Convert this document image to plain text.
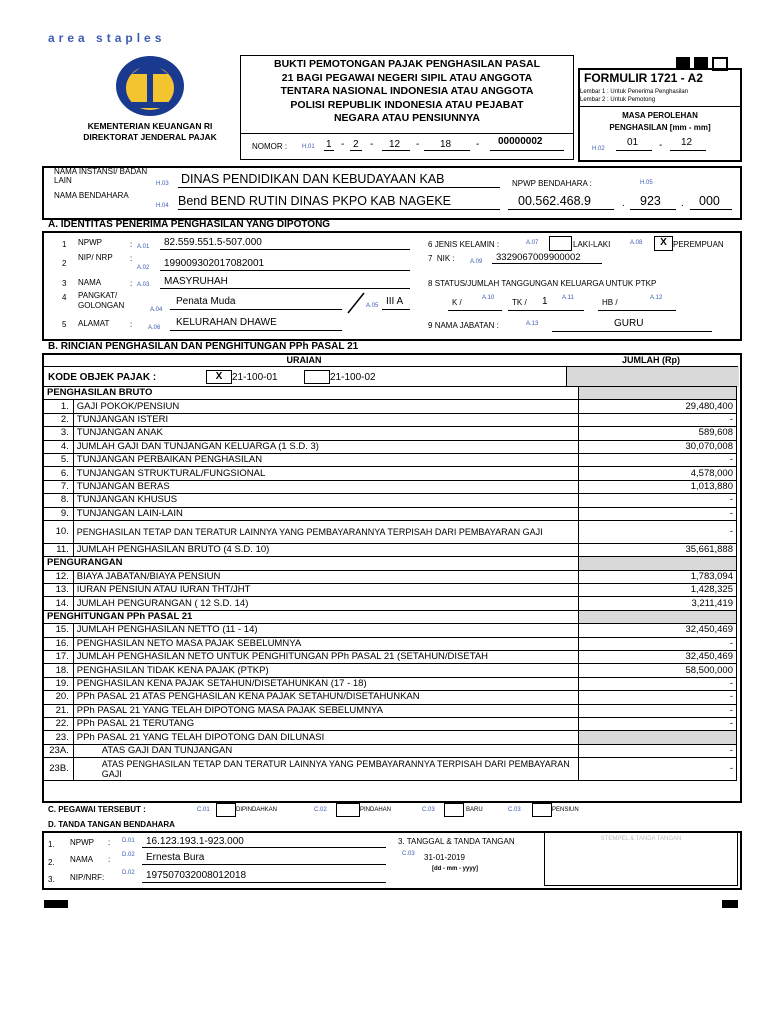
area staples
KEMENTERIAN KEUANGAN RI
DIREKTORAT JENDERAL PAJAK
BUKTI PEMOTONGAN PAJAK PENGHASILAN PASAL
21 BAGI PEGAWAI NEGERI SIPIL ATAU ANGGOTA
TENTARA NASIONAL INDONESIA ATAU ANGGOTA
POLISI REPUBLIK INDONESIA ATAU PEJABAT
NEGARA ATAU PENSIUNNYA
NOMOR : H.01 1 - 2 - 12 - 18 - 00000002
FORMULIR 1721 - A2
Lembar 1 : Untuk Penerima Penghasilan
Lembar 2 : Untuk Pemotong
MASA PEROLEHAN
PENGHASILAN [mm - mm]
H.02
01 - 12
NAMA INSTANSI/ BADAN LAIN	H.03 DINAS PENDIDIKAN DAN KEBUDAYAAN KAB
NAMA BENDAHARA
H.04 Bend BEND RUTIN DINAS PKPO KAB NAGEKE
NPWP BENDAHARA :	H.05
00.562.468.9	. 923 . 000
A. IDENTITAS PENERIMA PENGHASILAN YANG DIPOTONG
1 NPWP	: A.01 82.559.551.5-507.000
2
NIP/ NRP	:
A.02 199009302017082001
3 NAMA	: A.03 MASYRUHAH
4 PANGKAT/ GOLONGAN	A.04
Penata Muda	A.05 III A
5 ALAMAT	:	A.06 KELURAHAN DHAWE
6 JENIS KELAMIN :	A.07	LAKI-LAKI	A.08	X PEREMPUAN
7 NIK :	A.09 3329067009900002
8 STATUS/JUMLAH TANGGUNGAN KELUARGA UNTUK PTKP
K /	A.10 TK / 1 A.11	HB /	A.12
9 NAMA JABATAN :	A.13	GURU
B. RINCIAN PENGHASILAN DAN PENGHITUNGAN PPh PASAL 21
URAIAN	JUMLAH (Rp)
KODE OBJEK PAJAK :	X 21-100-01	21-100-02
PENGHASILAN BRUTO		
1.	GAJI POKOK/PENSIUN	29,480,400
2.	TUNJANGAN ISTERI	-
3.	TUNJANGAN ANAK	589,608
4.	JUMLAH GAJI DAN TUNJANGAN KELUARGA (1 S.D. 3)	30,070,008
5.	TUNJANGAN PERBAIKAN PENGHASILAN	-
6.	TUNJANGAN STRUKTURAL/FUNGSIONAL	4,578,000
7.	TUNJANGAN BERAS	1,013,880
8.	TUNJANGAN KHUSUS	-
9.	TUNJANGAN LAIN-LAIN	-
10.	PENGHASILAN TETAP DAN TERATUR LAINNYA YANG PEMBAYARANNYA TERPISAH DARI PEMBAYARAN GAJI	-
11.	JUMLAH PENGHASILAN BRUTO (4 S.D. 10)	35,661,888
PENGURANGAN		
12.	BIAYA JABATAN/BIAYA PENSIUN	1,783,094
13.	IURAN PENSIUN ATAU IURAN THT/JHT	1,428,325
14.	JUMLAH PENGURANGAN ( 12 S.D. 14)	3,211,419
PENGHITUNGAN PPh PASAL 21		
15.	JUMLAH PENGHASILAN NETTO (11 - 14)	32,450,469
16.	PENGHASILAN NETO MASA PAJAK SEBELUMNYA	-
17.	JUMLAH PENGHASILAN NETO UNTUK PENGHITUNGAN PPh PASAL 21 (SETAHUN/DISETAH	32,450,469
18.	PENGHASILAN TIDAK KENA PAJAK (PTKP)	58,500,000
19.	PENGHASILAN KENA PAJAK SETAHUN/DISETAHUNKAN (17 - 18)	-
20.	PPh PASAL 21 ATAS PENGHASILAN KENA PAJAK SETAHUN/DISETAHUNKAN	-
21.	PPh PASAL 21 YANG TELAH DIPOTONG MASA PAJAK SEBELUMNYA	-
22.	PPh PASAL 21 TERUTANG	-
23.	PPh PASAL 21 YANG TELAH DIPOTONG DAN DILUNASI	
23A.	ATAS GAJI DAN TUNJANGAN	-
23B.	ATAS PENGHASILAN TETAP DAN TERATUR LAINNYA YANG PEMBAYARANNYA TERPISAH DARI PEMBAYARAN GAJI	-
C. PEGAWAI TERSEBUT :	C.01	DIPINDAHKAN	C.02	PINDAHAN	C.03	BARU	C.03	PENSIUN
D. TANDA TANGAN BENDAHARA
1. NPWP : D.01 16.123.193.1-923.000
2. NAMA : D.02 Ernesta Bura
3. NIP/NRF:	D.02 197507032008012018
3. TANGGAL & TANDA TANGAN
C.03 31-01-2019
[dd - mm - yyyy]
STEMPEL & TANDA TANGAN
